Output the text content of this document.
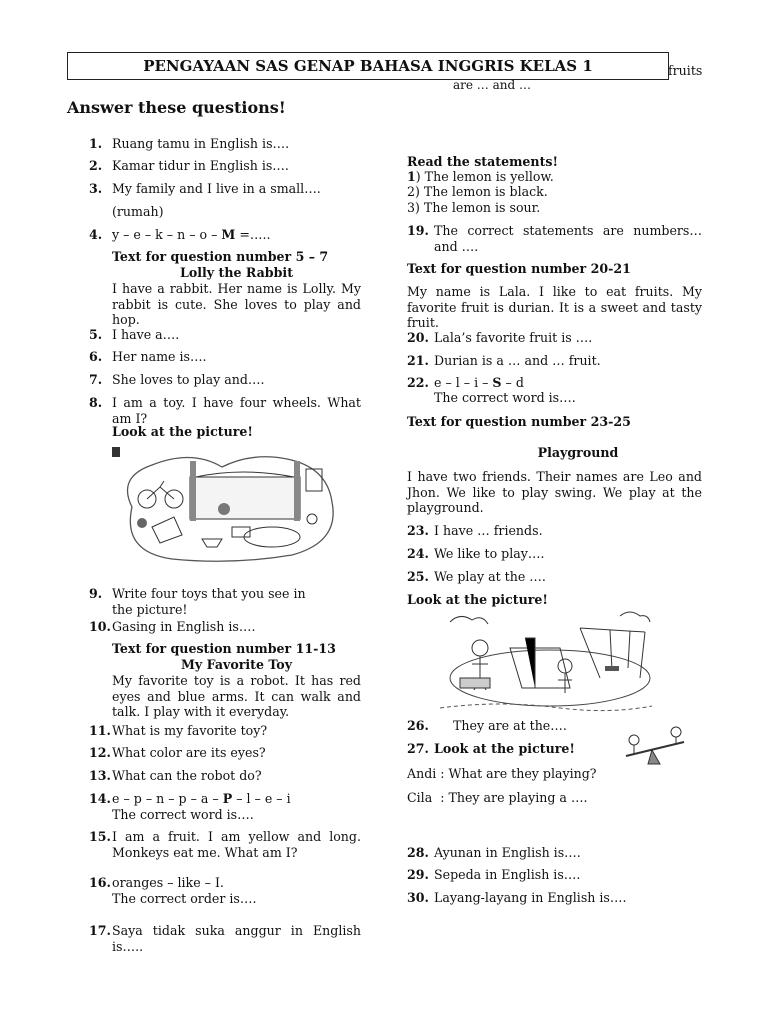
PENGAYAAN SAS GENAP BAHASA INGGRIS KELAS 1	fruits
are … and …
Answer these questions!
1. Ruang tamu in English is….
2. Kamar tidur in English is….
3. My family and I live in a small….
(rumah)
4. y – e – k – n – o – M =…..
Text for question number 5 – 7
Lolly the Rabbit
I have a rabbit. Her name is Lolly. My rabbit is cute. She loves to play and hop.
5. I have a….
6. Her name is….
7. She loves to play and….
8. I am a toy. I have four wheels. What am I?
Look at the picture!
9. Write four toys that you see in the picture!
10. Gasing in English is….
Text for question number 11-13
My Favorite Toy
My favorite toy is a robot. It has red eyes and blue arms. It can walk and talk. I play with it everyday.
11. What is my favorite toy?
12. What color are its eyes?
13. What can the robot do?
14. e – p – n – p – a – P – l – e – i
The correct word is….
15. I am a fruit. I am yellow and long. Monkeys eat me. What am I?
16. oranges – like – I.
The correct order is….
17. Saya tidak suka anggur in English is…..
Read the statements!
1) The lemon is yellow.
2) The lemon is black.
3) The lemon is sour.
19. The correct statements are numbers… and ….
Text for question number 20-21
My name is Lala. I like to eat fruits. My favorite fruit is durian. It is a sweet and tasty fruit.
20. Lala’s favorite fruit is ….
21. Durian is a … and … fruit.
22. e – l – i – S – d
The correct word is….
Text for question number 23-25
Playground
I have two friends. Their names are Leo and Jhon. We like to play swing. We play at the playground.
23. I have … friends.
24. We like to play….
25. We play at the ….
Look at the picture!
26. They are at the….
27. Look at the picture!
Andi : What are they playing?
Cila  : They are playing a ….
28. Ayunan in English is….
29. Sepeda in English is….
30. Layang-layang in English is….
